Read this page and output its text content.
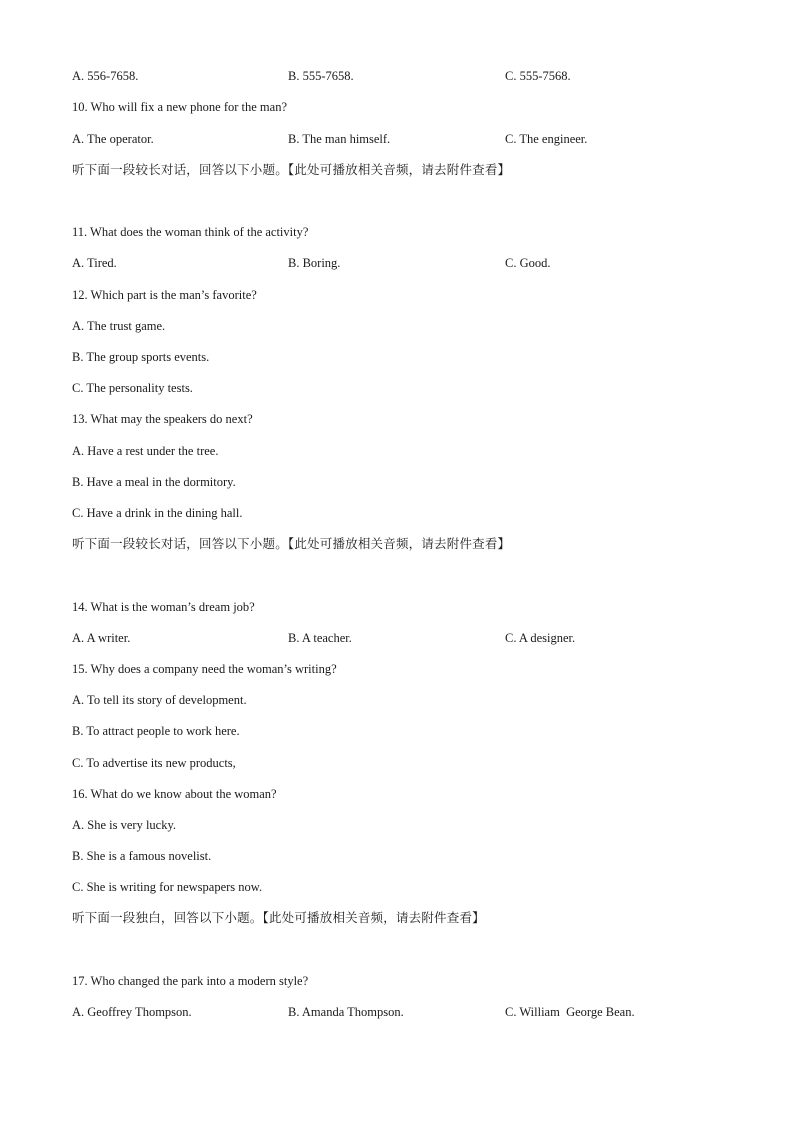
A. 556-7658.	B. 555-7658.	C. 555-7568.
10. Who will fix a new phone for the man?
A. The operator.	B. The man himself.	C. The engineer.
听下面一段较长对话，回答以下小题。【此处可播放相关音频，请去附件查看】
11. What does the woman think of the activity?
A. Tired.	B. Boring.	C. Good.
12. Which part is the man’s favorite?
A. The trust game.
B. The group sports events.
C. The personality tests.
13. What may the speakers do next?
A. Have a rest under the tree.
B. Have a meal in the dormitory.
C. Have a drink in the dining hall.
听下面一段较长对话，回答以下小题。【此处可播放相关音频，请去附件查看】
14. What is the woman’s dream job?
A. A writer.	B. A teacher.	C. A designer.
15. Why does a company need the woman’s writing?
A. To tell its story of development.
B. To attract people to work here.
C. To advertise its new products,
16. What do we know about the woman?
A. She is very lucky.
B. She is a famous novelist.
C. She is writing for newspapers now.
听下面一段独白，回答以下小题。【此处可播放相关音频，请去附件查看】
17. Who changed the park into a modern style?
A. Geoffrey Thompson.	B. Amanda Thompson.	C. William  George Bean.
